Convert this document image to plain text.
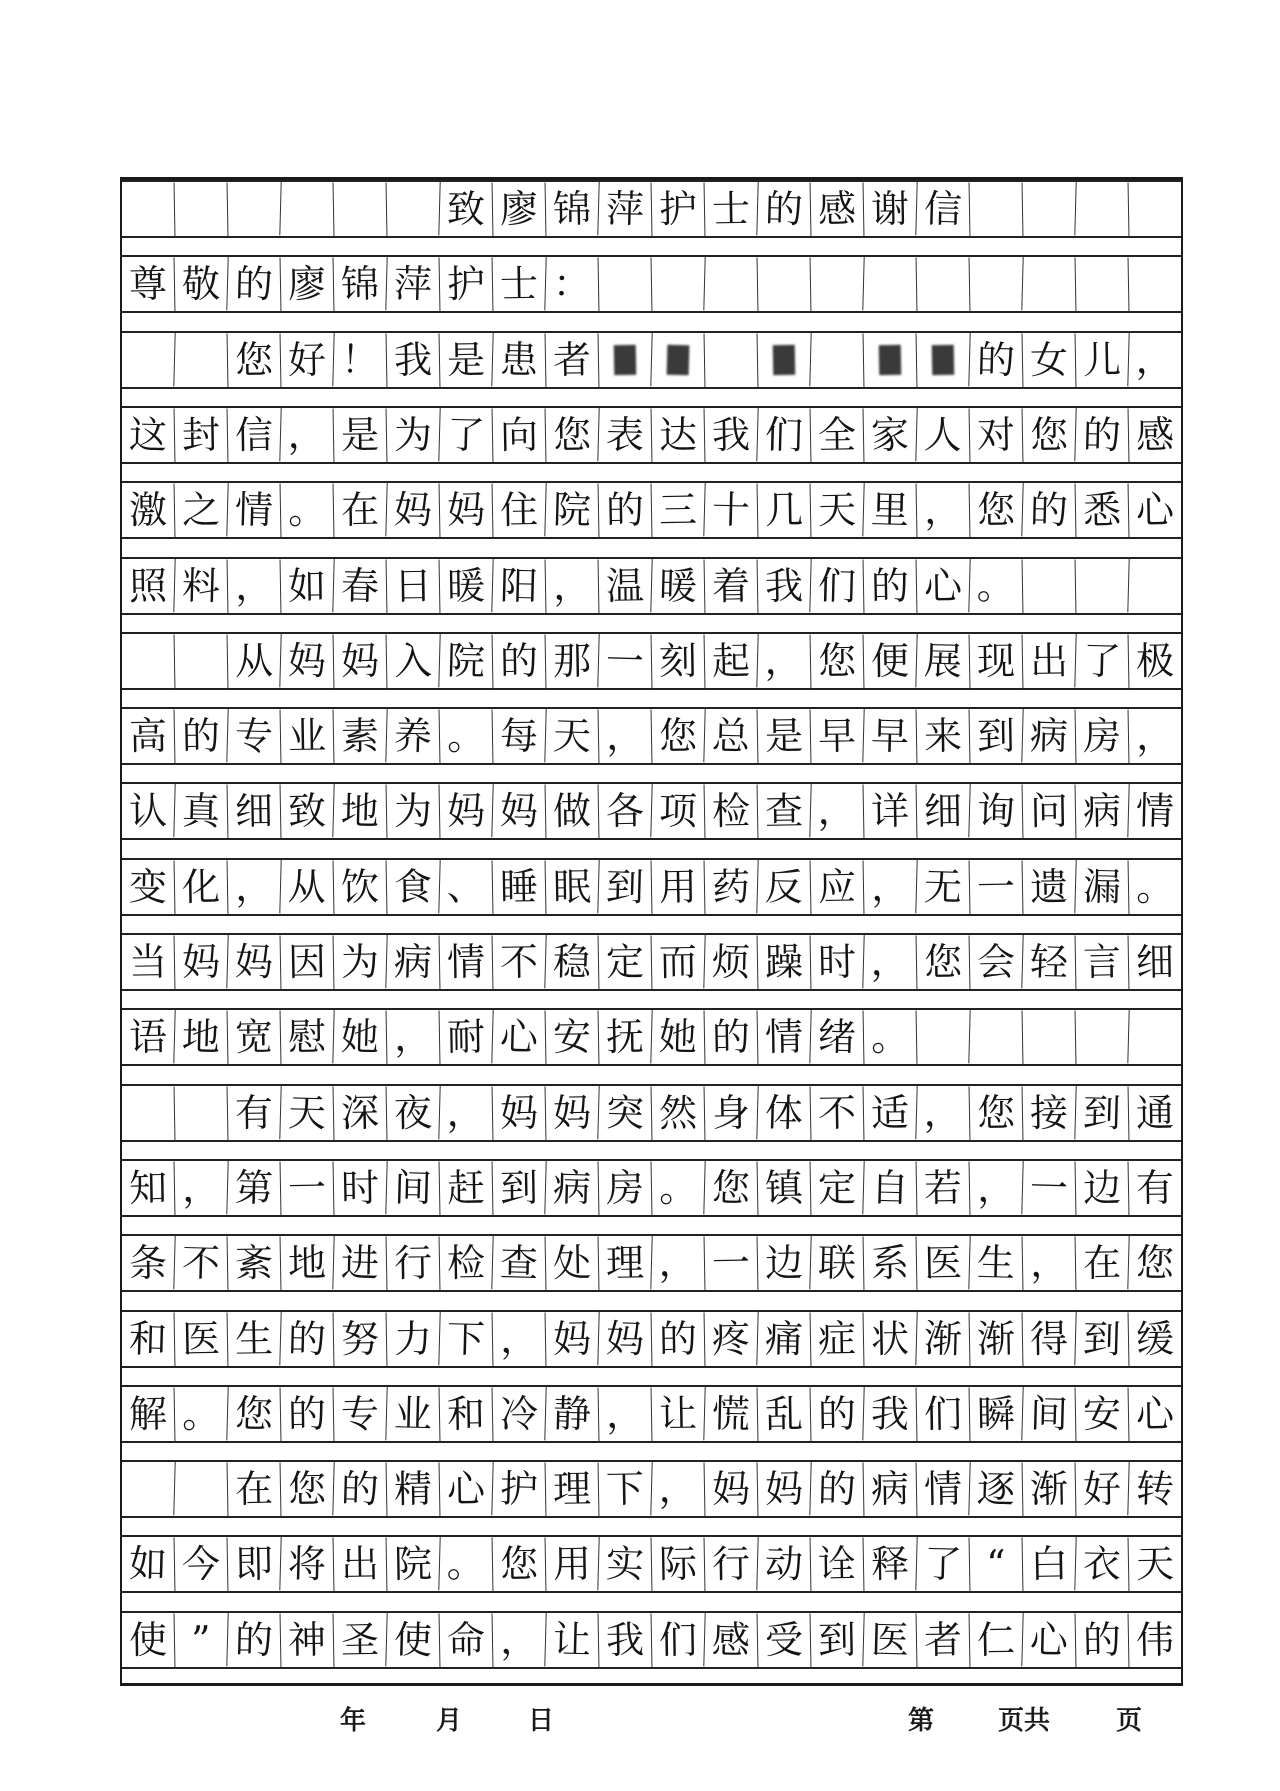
致 廖 锦 萍 护 士 的 感 谢 信
尊 敬 的 廖 锦 萍 护 士 ：
您 好 ！ 我 是 患 者	的 女 儿 ，
这 封 信 ， 是 为 了 向 您 表 达 我 们 全 家 人 对 您 的 感
激 之 情 。 在 妈 妈 住 院 的 三 十 几 天 里 ， 您 的 悉 心
照 料 ， 如 春 日 暖 阳 ， 温 暖 着 我 们 的 心 。
从 妈 妈 入 院 的 那 一 刻 起 ， 您 便 展 现 出 了 极
高 的 专 业 素 养 。 每 天 ， 您 总 是 早 早 来 到 病 房 ，
认 真 细 致 地 为 妈 妈 做 各 项 检 查 ， 详 细 询 问 病 情
变 化 ， 从 饮 食 、 睡 眠 到 用 药 反 应 ， 无 一 遗 漏 。
当 妈 妈 因 为 病 情 不 稳 定 而 烦 躁 时 ， 您 会 轻 言 细
语 地 宽 慰 她 ， 耐 心 安 抚 她 的 情 绪 。
有 天 深 夜 ， 妈 妈 突 然 身 体 不 适 ， 您 接 到 通
知 ， 第 一 时 间 赶 到 病 房 。 您 镇 定 自 若 ， 一 边 有
条 不 紊 地 进 行 检 查 处 理 ， 一 边 联 系 医 生 ， 在 您
和 医 生 的 努 力 下 ， 妈 妈 的 疼 痛 症 状 渐 渐 得 到 缓
解 。 您 的 专 业 和 冷 静 ， 让 慌 乱 的 我 们 瞬 间 安 心
在 您 的 精 心 护 理 下 ， 妈 妈 的 病 情 逐 渐 好 转
如 今 即 将 出 院 。 您 用 实 际 行 动 诠 释 了 “ 白 衣 天
使 ” 的 神 圣 使 命 ， 让 我 们 感 受 到 医 者 仁 心 的 伟
年	月	日	第 页共	页
